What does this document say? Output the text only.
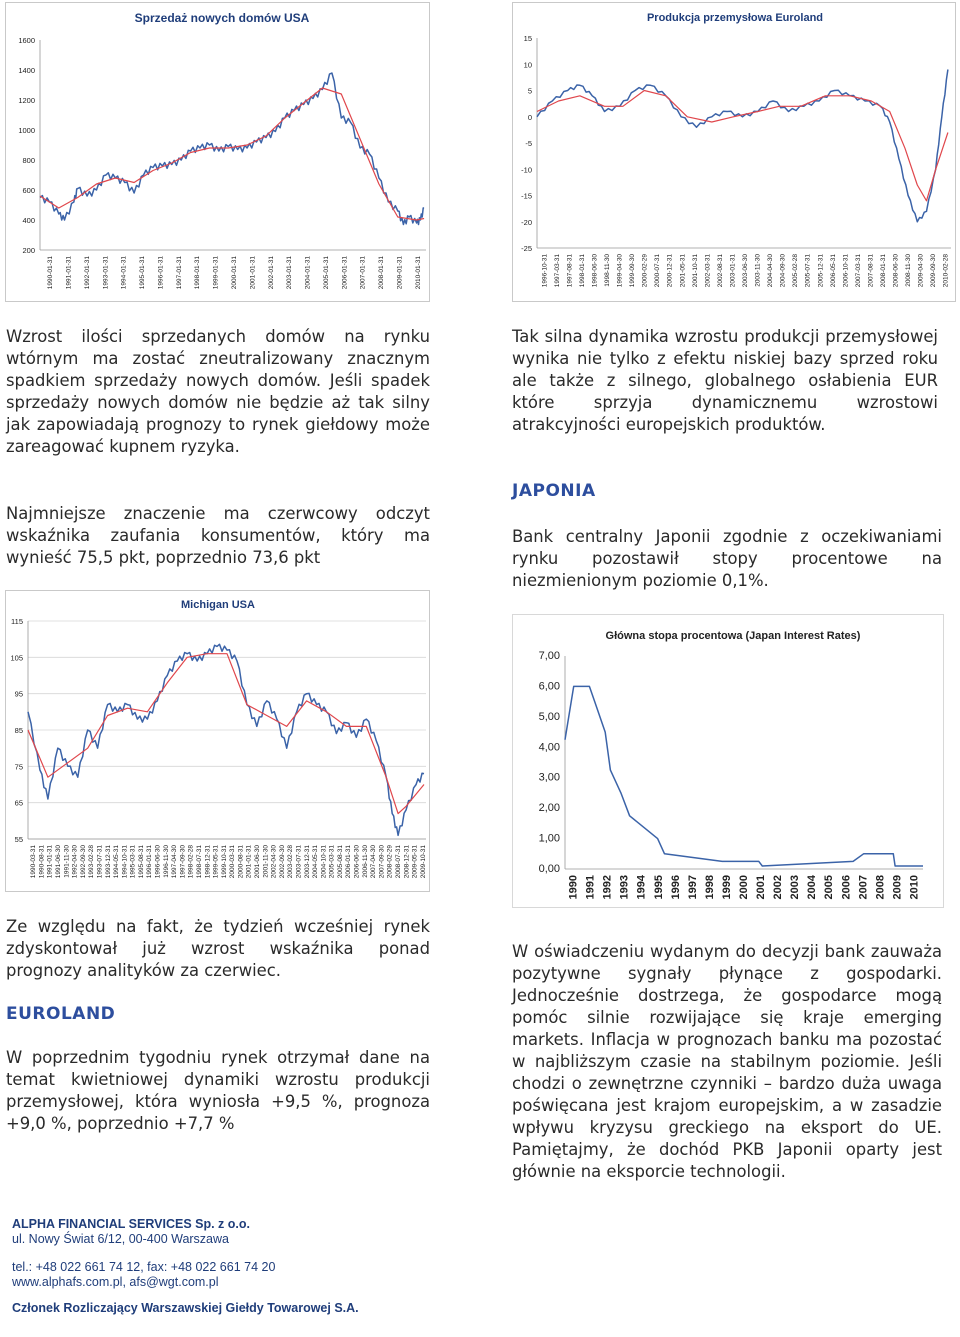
Sprzedaż nowych domów USA
200
400
600
800
1000
1200
1400
1600
1990-01-31 1991-01-31 1992-01-31 1993-01-31 1994-01-31 1995-01-31 1996-01-31 1997-01-31 1998-01-31 1999-01-31 2000-01-31 2001-01-31 2002-01-31 2003-01-31 2004-01-31 2005-01-31 2006-01-31 2007-01-31 2008-01-31 2009-01-31 2010-01-31
Produkcja przemysłowa Euroland
-25
-20
-15
-10
-5
0
5
10
15
1996-10-31 1997-03-31 1997-08-31 1998-01-31 1998-06-30 1998-11-30 1999-04-30 1999-09-30 2000-02-29 2000-07-31 2000-12-31 2001-05-31 2001-10-31 2002-03-31 2002-08-31 2003-01-31 2003-06-30 2003-11-30 2004-04-30 2004-09-30 2005-02-28 2005-07-31 2005-12-31 2006-05-31 2006-10-31 2007-03-31 2007-08-31 2008-01-31 2008-06-30 2008-11-30 2009-04-30 2009-09-30 2010-02-28

Wzrost ilości sprzedanych domów na rynku wtórnym ma zostać zneutralizowany znacznym spadkiem sprzedaży nowych domów. Jeśli spadek sprzedaży nowych domów nie będzie aż tak silny jak zapowiadają prognozy to rynek giełdowy może zareagować kupnem ryzyka.

Najmniejsze znaczenie ma czerwcowy odczyt wskaźnika zaufania konsumentów, który ma wynieść 75,5 pkt, poprzednio 73,6 pkt

Tak silna dynamika wzrostu produkcji przemysłowej wynika nie tylko z efektu niskiej bazy sprzed roku ale także z silnego, globalnego osłabienia EUR które sprzyja dynamicznemu wzrostowi atrakcyjności europejskich produktów.

JAPONIA

Bank centralny Japonii zgodnie z oczekiwaniami rynku pozostawił stopy procentowe na niezmienionym poziomie 0,1%.

Michigan USA
55
65
75
85
95
105
115
1990-03-31 1990-08-31 1991-01-31 1991-06-30 1991-11-30 1992-04-30 1992-09-30 1993-02-28 1993-07-31 1993-12-31 1994-05-31 1994-10-31 1995-03-31 1995-08-31 1996-01-31 1996-06-30 1996-11-30 1997-04-30 1997-09-30 1998-02-28 1998-07-31 1998-12-31 1999-05-31 1999-10-31 2000-03-31 2000-08-31 2001-01-31 2001-06-30 2001-11-30 2002-04-30 2002-09-30 2003-02-28 2003-07-31 2003-12-31 2004-05-31 2004-10-31 2005-03-31 2005-08-31 2006-01-31 2006-06-30 2006-11-30 2007-04-30 2007-09-30 2008-02-29 2008-07-31 2008-12-31 2009-05-31 2009-10-31
Główna stopa procentowa (Japan Interest Rates)
0,00
1,00
2,00
3,00
4,00
5,00
6,00
7,00
1990 1991 1992 1993 1994 1995 1996 1997 1998 1999 2000 2001 2002 2003 2004 2005 2006 2007 2008 2009 2010

Ze względu na fakt, że tydzień wcześniej rynek zdyskontował już wzrost wskaźnika ponad prognozy analityków za czerwiec.

EUROLAND

W poprzednim tygodniu rynek otrzymał dane na temat kwietniowej dynamiki wzrostu produkcji przemysłowej, która wyniosła +9,5 %, prognoza +9,0 %, poprzednio +7,7 %

W oświadczeniu wydanym do decyzji bank zauważa pozytywne sygnały płynące z gospodarki. Jednocześnie dostrzega, że gospodarce mogą pomóc silnie rozwijające się kraje emerging markets. Inflacja w prognozach banku ma pozostać w najbliższym czasie na stabilnym poziomie. Jeśli chodzi o zewnętrzne czynniki – bardzo duża uwaga poświęcana jest krajom europejskim, a w zasadzie wpływu kryzysu greckiego na eksport do UE. Pamiętajmy, że dochód PKB Japonii oparty jest głównie na eksporcie technologii.

ALPHA FINANCIAL SERVICES Sp. z o.o.

ul. Nowy Świat 6/12, 00-400 Warszawa

tel.: +48 022 661 74 12, fax: +48 022 661 74 20

www.alphafs.com.pl, afs@wgt.com.pl

Członek Rozliczający Warszawskiej Giełdy Towarowej S.A.
